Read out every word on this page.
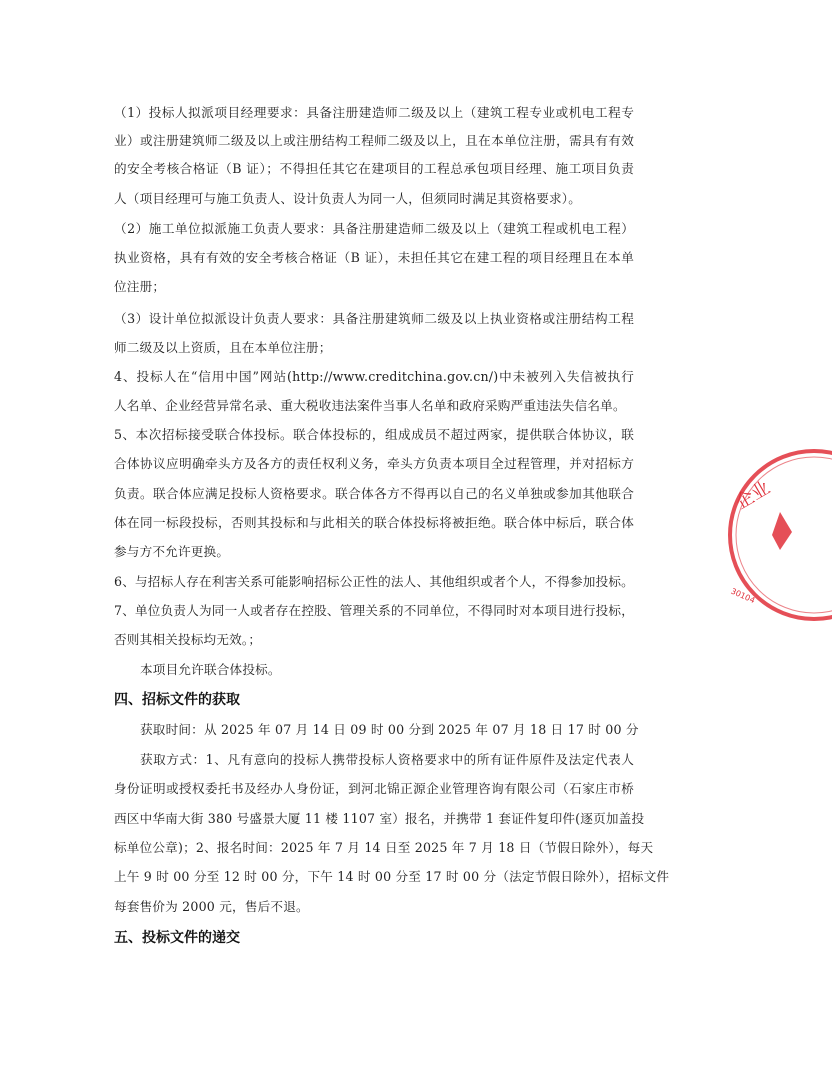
（1）投标人拟派项目经理要求：具备注册建造师二级及以上（建筑工程专业或机电工程专
业）或注册建筑师二级及以上或注册结构工程师二级及以上，且在本单位注册，需具有有效
的安全考核合格证（B 证）；不得担任其它在建项目的工程总承包项目经理、施工项目负责
人（项目经理可与施工负责人、设计负责人为同一人，但须同时满足其资格要求）。
（2）施工单位拟派施工负责人要求：具备注册建造师二级及以上（建筑工程或机电工程）
执业资格，具有有效的安全考核合格证（B 证），未担任其它在建工程的项目经理且在本单
位注册；
（3）设计单位拟派设计负责人要求：具备注册建筑师二级及以上执业资格或注册结构工程
师二级及以上资质，且在本单位注册；
4、投标人在“信用中国”网站(http://www.creditchina.gov.cn/)中未被列入失信被执行
人名单、企业经营异常名录、重大税收违法案件当事人名单和政府采购严重违法失信名单。
5、本次招标接受联合体投标。联合体投标的，组成成员不超过两家，提供联合体协议，联
合体协议应明确牵头方及各方的责任权利义务，牵头方负责本项目全过程管理，并对招标方
负责。联合体应满足投标人资格要求。联合体各方不得再以自己的名义单独或参加其他联合
体在同一标段投标，否则其投标和与此相关的联合体投标将被拒绝。联合体中标后，联合体
参与方不允许更换。
6、与招标人存在利害关系可能影响招标公正性的法人、其他组织或者个人，不得参加投标。
7、单位负责人为同一人或者存在控股、管理关系的不同单位，不得同时对本项目进行投标，
否则其相关投标均无效。；
本项目允许联合体投标。
四、招标文件的获取
获取时间：从 2025 年 07 月 14 日 09 时 00 分到 2025 年 07 月 18 日 17 时 00 分
获取方式：1、凡有意向的投标人携带投标人资格要求中的所有证件原件及法定代表人
身份证明或授权委托书及经办人身份证，到河北锦正源企业管理咨询有限公司（石家庄市桥
西区中华南大街 380 号盛景大厦 11 楼 1107 室）报名，并携带 1 套证件复印件(逐页加盖投
标单位公章)；2、报名时间：2025 年 7 月 14 日至 2025 年 7 月 18 日（节假日除外），每天
上午 9 时 00 分至 12 时 00 分，下午 14 时 00 分至 17 时 00 分（法定节假日除外），招标文件
每套售价为 2000 元，售后不退。
五、投标文件的递交
企业
30104
